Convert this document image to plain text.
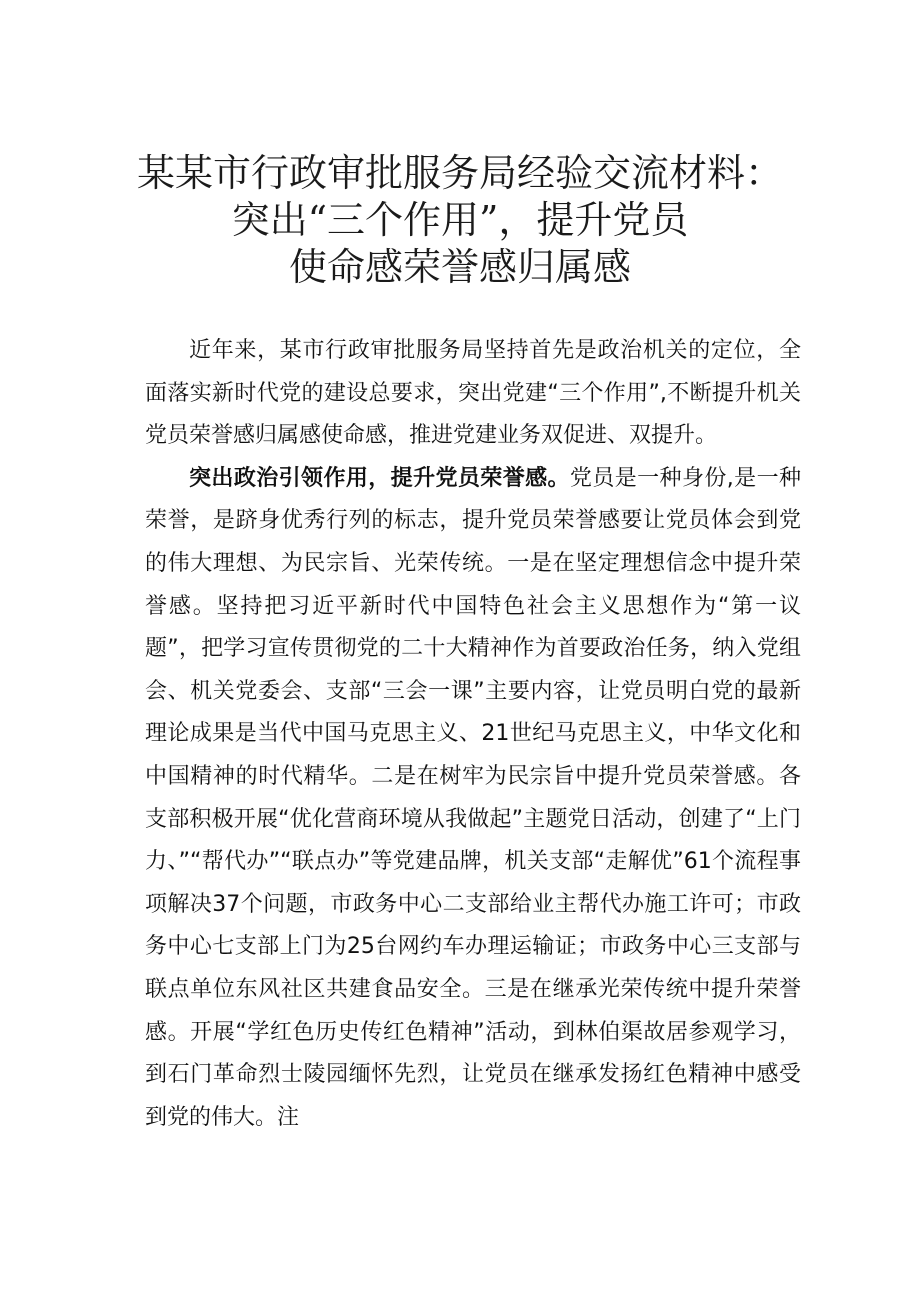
某某市行政审批服务局经验交流材料：
突出“三个作用”，提升党员
使命感荣誉感归属感

近年来，某市行政审批服务局坚持首先是政治机关的定位，全面落实新时代党的建设总要求，突出党建“三个作用”,不断提升机关党员荣誉感归属感使命感，推进党建业务双促进、双提升。

突出政治引领作用，提升党员荣誉感。党员是一种身份,是一种荣誉，是跻身优秀行列的标志，提升党员荣誉感要让党员体会到党的伟大理想、为民宗旨、光荣传统。一是在坚定理想信念中提升荣誉感。坚持把习近平新时代中国特色社会主义思想作为“第一议题”，把学习宣传贯彻党的二十大精神作为首要政治任务，纳入党组会、机关党委会、支部“三会一课”主要内容，让党员明白党的最新理论成果是当代中国马克思主义、21世纪马克思主义，中华文化和中国精神的时代精华。二是在树牢为民宗旨中提升党员荣誉感。各支部积极开展“优化营商环境从我做起”主题党日活动，创建了“上门力、”“帮代办”“联点办”等党建品牌，机关支部“走解优”61个流程事项解决37个问题，市政务中心二支部给业主帮代办施工许可；市政务中心七支部上门为25台网约车办理运输证；市政务中心三支部与联点单位东风社区共建食品安全。三是在继承光荣传统中提升荣誉感。开展“学红色历史传红色精神”活动，到林伯渠故居参观学习，到石门革命烈士陵园缅怀先烈，让党员在继承发扬红色精神中感受到党的伟大。注
